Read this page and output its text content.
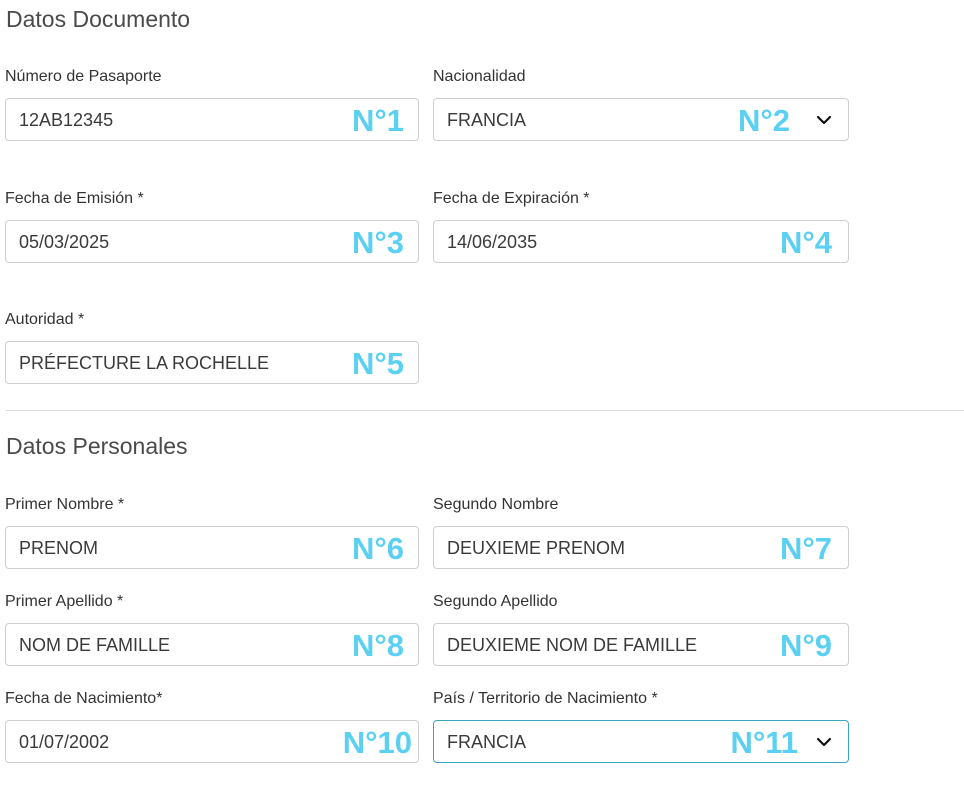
Datos Documento
Número de Pasaporte
12AB12345	N°1
Nacionalidad
FRANCIA	N°2
Fecha de Emisión *
05/03/2025	N°3
Fecha de Expiración *
14/06/2035	N°4
Autoridad *
PRÉFECTURE LA ROCHELLE	N°5
Datos Personales
Primer Nombre *
PRENOM	N°6
Segundo Nombre
DEUXIEME PRENOM	N°7
Primer Apellido *
NOM DE FAMILLE	N°8
Segundo Apellido
DEUXIEME NOM DE FAMILLE	N°9
Fecha de Nacimiento*
01/07/2002	N°10
País / Territorio de Nacimiento *
FRANCIA	N°11
